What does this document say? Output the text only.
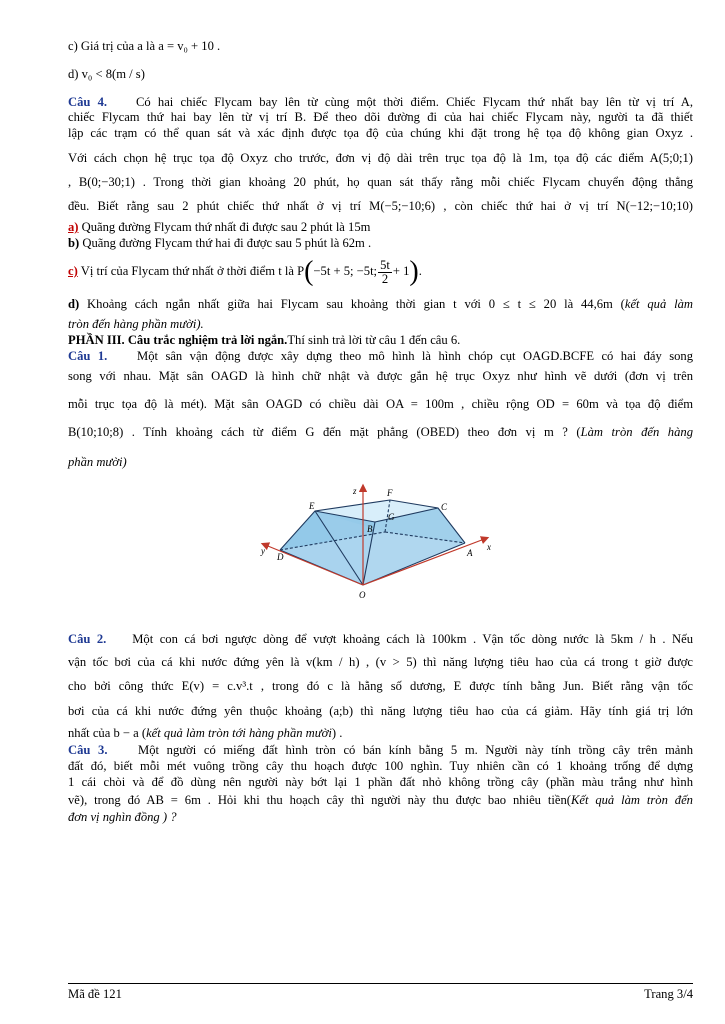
c) Giá trị của a là a = v₀ + 10 .
d) v₀ < 8(m / s)
Câu 4. Có hai chiếc Flycam bay lên từ cùng một thời điểm. Chiếc Flycam thứ nhất bay lên từ vị trí A,
chiếc Flycam thứ hai bay lên từ vị trí B. Để theo dõi đường đi của hai chiếc Flycam này, người ta đã thiết
lập các trạm có thể quan sát và xác định được tọa độ của chúng khi đặt trong hệ tọa độ không gian Oxyz .
Với cách chọn hệ trục tọa độ Oxyz cho trước, đơn vị độ dài trên trục tọa độ là 1m, tọa độ các điểm A(5;0;1)
, B(0;−30;1) . Trong thời gian khoảng 20 phút, họ quan sát thấy rằng mỗi chiếc Flycam chuyển động thẳng
đều. Biết rằng sau 2 phút chiếc thứ nhất ở vị trí M(−5;−10;6) , còn chiếc thứ hai ở vị trí N(−12;−10;10)
a) Quãng đường Flycam thứ nhất đi được sau 2 phút là 15m
b) Quãng đường Flycam thứ hai đi được sau 5 phút là 62m .
c) Vị trí của Flycam thứ nhất ở thời điểm t là P(−5t + 5; −5t; $\frac{5t}{2} + 1$).
d) Khoảng cách ngắn nhất giữa hai Flycam sau khoảng thời gian t với 0 ≤ t ≤ 20 là 44,6m (kết quả làm
tròn đến hàng phần mười).
PHẦN III. Câu trắc nghiệm trả lời ngắn.Thí sinh trả lời từ câu 1 đến câu 6.
Câu 1. Một sân vận động được xây dựng theo mô hình là hình chóp cụt OAGD.BCFE có hai đáy song
song với nhau. Mặt sân OAGD là hình chữ nhật và được gắn hệ trục Oxyz như hình vẽ dưới (đơn vị trên
mỗi trục tọa độ là mét). Mặt sân OAGD có chiều dài OA = 100m , chiều rộng OD = 60m và tọa độ điểm
B(10;10;8) . Tính khoảng cách từ điểm G đến mặt phẳng (OBED) theo đơn vị m ? (Làm tròn đến hàng
phần mười)
z	F
E	C
G
B
y
D	A
x
O
Câu 2. Một con cá bơi ngược dòng để vượt khoảng cách là 100km . Vận tốc dòng nước là 5km / h . Nếu
vận tốc bơi của cá khi nước đứng yên là v(km / h) , (v > 5) thì năng lượng tiêu hao của cá trong t giờ được
cho bởi công thức E(v) = c.v³.t , trong đó c là hằng số dương, E được tính bằng Jun. Biết rằng vận tốc
bơi của cá khi nước đứng yên thuộc khoảng (a;b) thì năng lượng tiêu hao của cá giảm. Hãy tính giá trị lớn
nhất của b − a (kết quả làm tròn tới hàng phần mười) .
Câu 3. Một người có miếng đất hình tròn có bán kính bằng 5 m. Người này tính trồng cây trên mảnh
đất đó, biết mỗi mét vuông trồng cây thu hoạch được 100 nghìn. Tuy nhiên cần có 1 khoảng trống để dựng
1 cái chòi và để đồ dùng nên người này bớt lại 1 phần đất nhỏ không trồng cây (phần màu trắng như hình
vẽ), trong đó AB = 6m . Hỏi khi thu hoạch cây thì người này thu được bao nhiêu tiền(Kết quả làm tròn đến
đơn vị nghìn đồng ) ?
Mã đề 121	Trang 3/4
